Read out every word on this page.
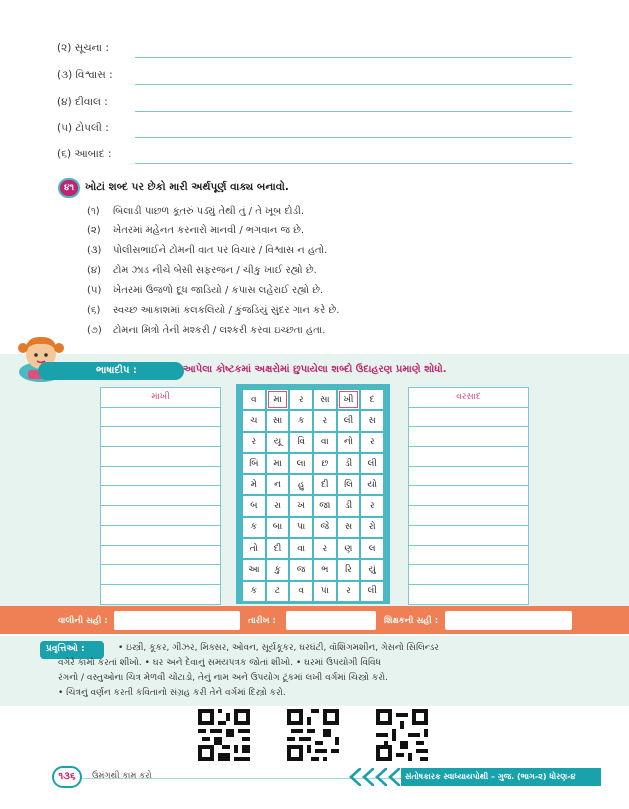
(૨) સૂચના :
(૩) વિશ્વાસ :
(૪) દીવાલ :
(૫) ટોપલી :
(૬) આબાદ :
૪૧	ખોટાં શબ્દ પર છેકો મારી અર્થપૂર્ણ વાક્ય બનાવો.
(૧) બિલાડી પાછળ કૂતરું પડ્યું તેથી તું / તે ખૂબ દોડી.
(૨) ખેતરમાં મહેનત કરનારો માનવી / ભગવાન જ છે.
(૩) પોલીસભાઈને ટોમની વાત પર વિચાર / વિશ્વાસ ન હતો.
(૪) ટોમ ઝાડ નીચે બેસી સફરજન / ચીકુ ખાઈ રહ્યો છે.
(૫) ખેતરમાં ઉજળો દૂધ જાડિયો / કપાસ લહેરાઈ રહ્યો છે.
(૬) સ્વચ્છ આકાશમાં કલકલિયો / કુંજડિયું સુંદર ગાન કરે છે.
(૭) ટોમના મિત્રો તેની મશ્કરી / લશ્કરી કરવા ઇચ્છતા હતા.
ભાષાદીપ :	આપેલા કોષ્ટકમાં અક્ષરોમાં છુપાયેલા શબ્દો ઉદાહરણ પ્રમાણે શોધો.
માખી	વ	મા	ર	સા	ખી	દ
ચ	સા	ક	ર	લી	સ
ર	યૂ	વિ	વા	નો	ર
બિ	મા	લા	છ	ડી	લી
મે	ન	હુ	દી	લિ	યો
બ	રા	ખ	જા	ડી	ર
ક	બા	પા	જે	સ	રો
તો	દી	વા	ર	ણ	લ
આ	કુ	જ	ભ	રિ	યું
ક	ટ	વ	પા	ર	લી
વરસાદ

વાલીની સહી :	તારીખ :	શિક્ષકની સહી :
પ્રવૃત્તિઓ :	• ઇસ્ત્રી, કૂકર, ગીઝર, મિક્સર, ઓવન, સૂર્યકૂકર, ઘરઘંટી, વૉશિંગમશીન, ગેસનો સિલિન્ડર
વગેરે કામો કરતાં શીખો. • ઘર અને દેવાનું સમયપત્રક જોતાં શીખો. • ઘરમાં ઉપયોગી વિવિધ
રંગનો / વસ્તુઓના ચિત્ર મેળવી ચોંટાડો, તેનું નામ અને ઉપયોગ ટૂંકમાં લખી વર્ગમાં ચિસ્ત્રો કરો.
• ચિત્રનું વર્ણન કરતી કવિતાનો સંગ્રહ કરી તેને વર્ગમાં દિસ્ત્રો કરો.
૧૩૬	ઉમંગથી કામ કરો	સંતોષકારક સ્વાધ્યાયપોથી – ગુજ. (ભાગ-૨) ધોરણ-૪
